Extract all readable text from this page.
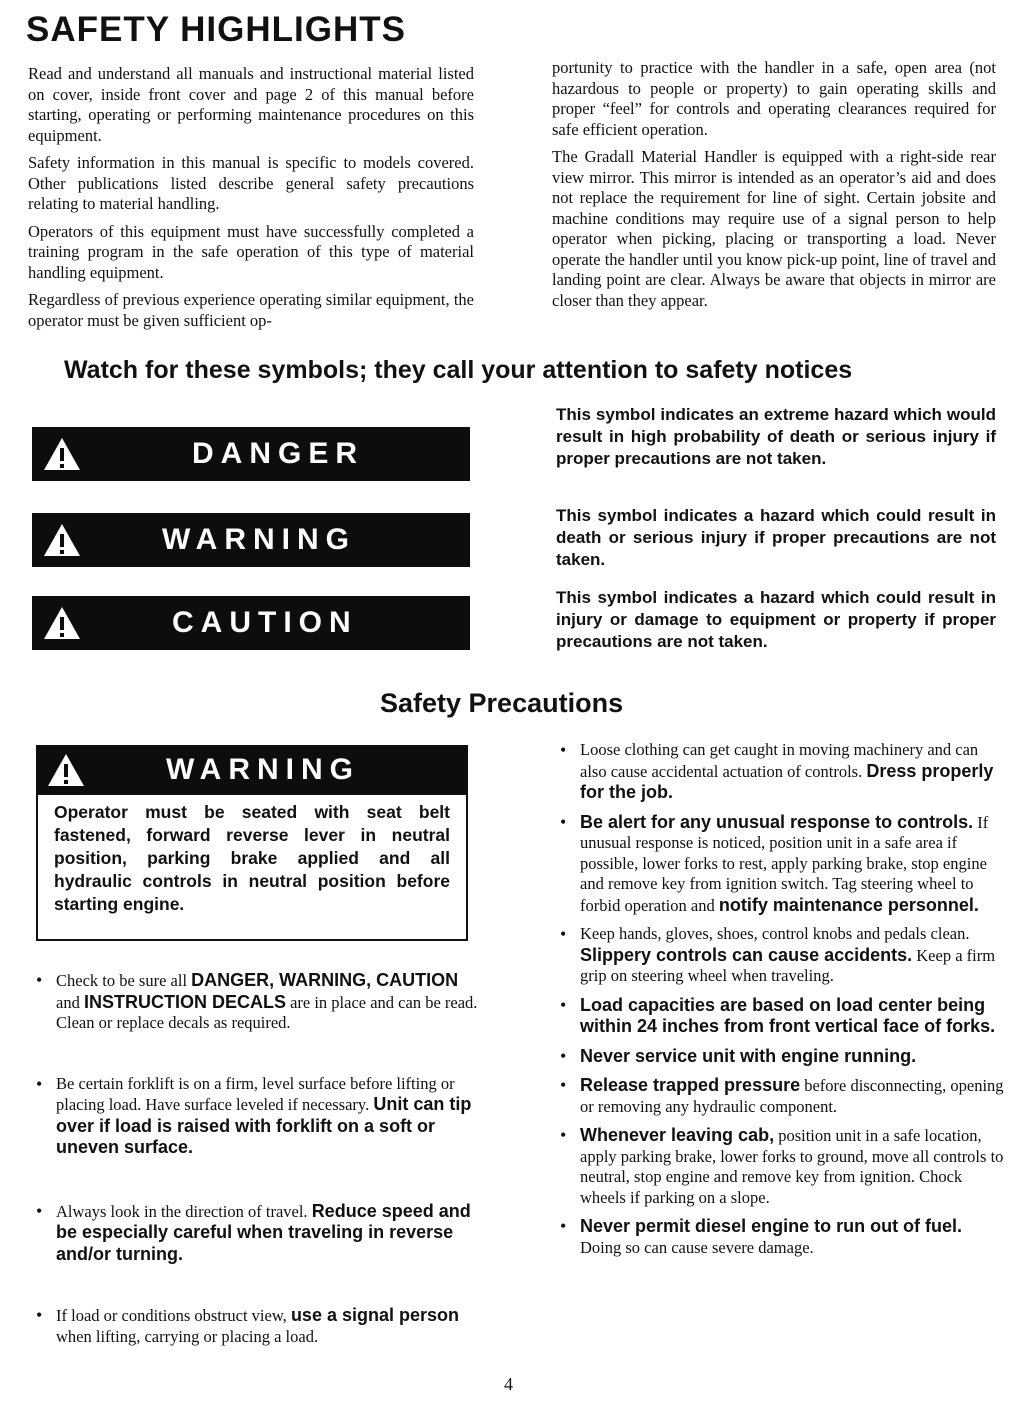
SAFETY HIGHLIGHTS

Read and understand all manuals and instructional material listed on cover, inside front cover and page 2 of this manual before starting, operating or performing maintenance procedures on this equipment.

Safety information in this manual is specific to models covered. Other publications listed describe general safety precautions relating to material handling.

Operators of this equipment must have successfully completed a training program in the safe operation of this type of material handling equipment.

Regardless of previous experience operating similar equipment, the operator must be given sufficient op-

portunity to practice with the handler in a safe, open area (not hazardous to people or property) to gain operating skills and proper “feel” for controls and operating clearances required for safe efficient operation.

The Gradall Material Handler is equipped with a right-side rear view mirror. This mirror is intended as an operator’s aid and does not replace the requirement for line of sight. Certain jobsite and machine conditions may require use of a signal person to help operator when picking, placing or transporting a load. Never operate the handler until you know pick-up point, line of travel and landing point are clear. Always be aware that objects in mirror are closer than they appear.

Watch for these symbols; they call your attention to safety notices
DANGER

This symbol indicates an extreme hazard which would result in high probability of death or serious injury if proper precautions are not taken.

WARNING

This symbol indicates a hazard which could result in death or serious injury if proper precautions are not taken.

CAUTION

This symbol indicates a hazard which could result in injury or damage to equipment or property if proper precautions are not taken.

Safety Precautions
WARNING
Operator must be seated with seat belt fastened, forward reverse lever in neutral position, parking brake applied and all hydraulic controls in neutral position before starting engine.
• Check to be sure all DANGER, WARNING, CAUTION and INSTRUCTION DECALS are in place and can be read. Clean or replace decals as required.
• Be certain forklift is on a firm, level surface before lifting or placing load. Have surface leveled if necessary. Unit can tip over if load is raised with forklift on a soft or uneven surface.
• Always look in the direction of travel. Reduce speed and be especially careful when traveling in reverse and/or turning.
• If load or conditions obstruct view, use a signal person when lifting, carrying or placing a load.
• Loose clothing can get caught in moving machinery and can also cause accidental actuation of controls. Dress properly for the job.
• Be alert for any unusual response to controls. If unusual response is noticed, position unit in a safe area if possible, lower forks to rest, apply parking brake, stop engine and remove key from ignition switch. Tag steering wheel to forbid operation and notify maintenance personnel.
• Keep hands, gloves, shoes, control knobs and pedals clean. Slippery controls can cause accidents. Keep a firm grip on steering wheel when traveling.
• Load capacities are based on load center being within 24 inches from front vertical face of forks.
• Never service unit with engine running.
• Release trapped pressure before disconnecting, opening or removing any hydraulic component.
• Whenever leaving cab, position unit in a safe location, apply parking brake, lower forks to ground, move all controls to neutral, stop engine and remove key from ignition. Chock wheels if parking on a slope.
• Never permit diesel engine to run out of fuel. Doing so can cause severe damage.
4
